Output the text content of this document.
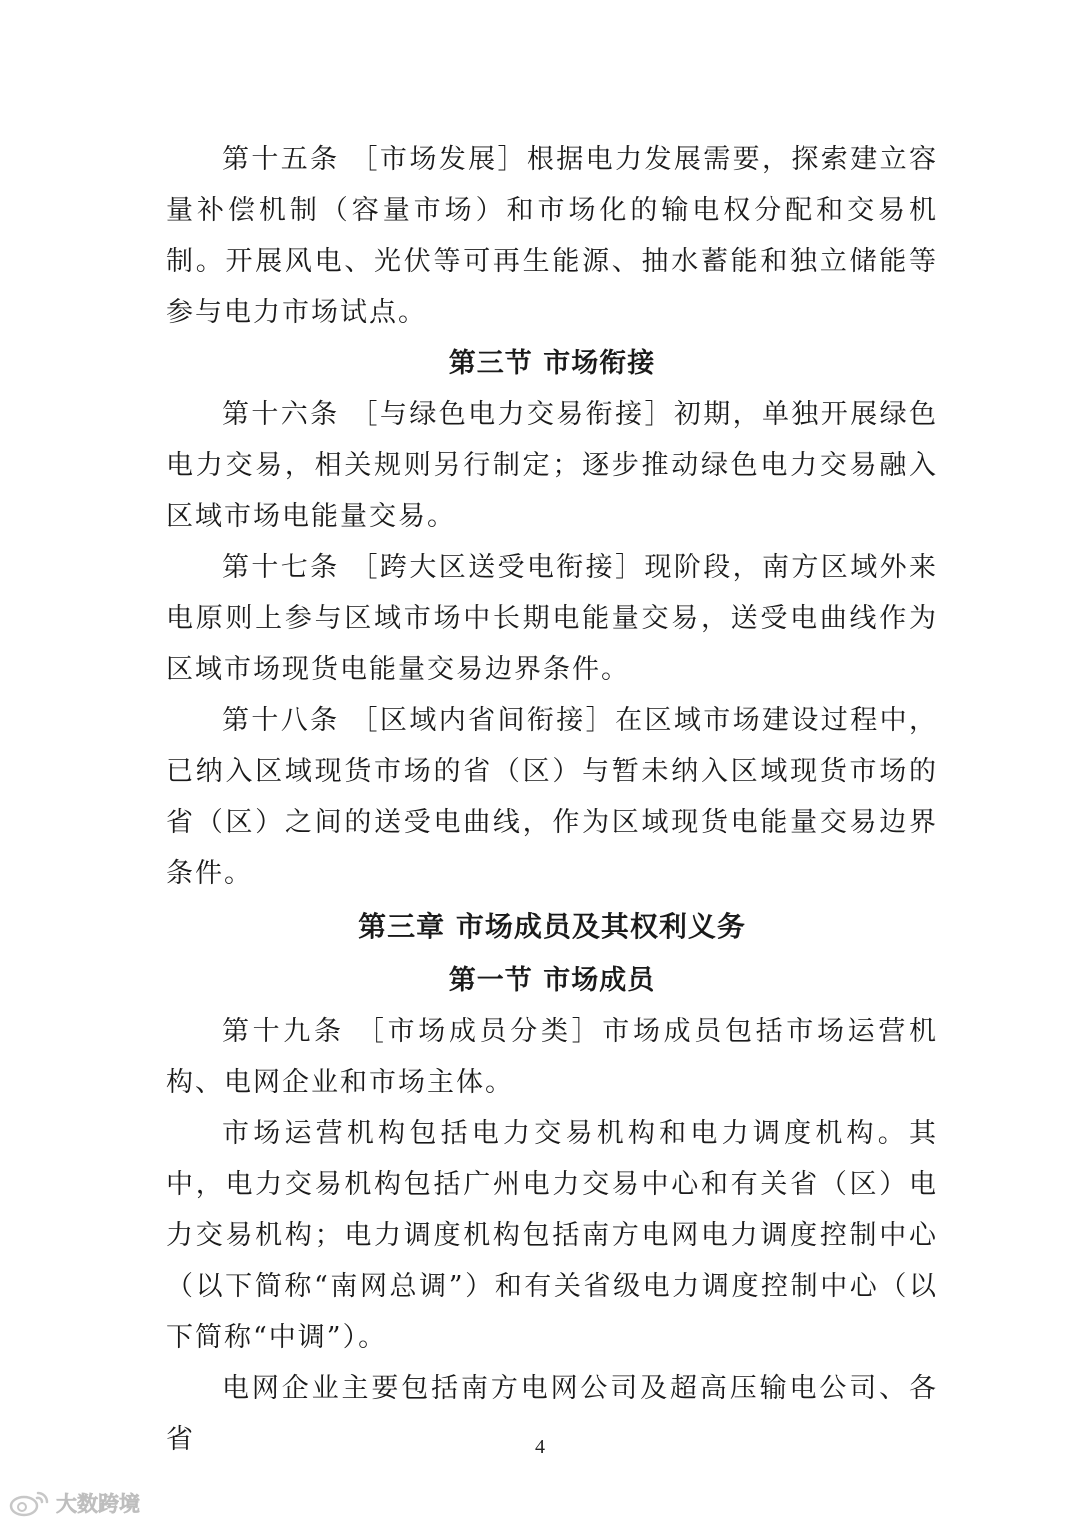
第十五条 ［市场发展］根据电力发展需要，探索建立容量补偿机制（容量市场）和市场化的输电权分配和交易机制。开展风电、光伏等可再生能源、抽水蓄能和独立储能等参与电力市场试点。

第三节 市场衔接

第十六条 ［与绿色电力交易衔接］初期，单独开展绿色电力交易，相关规则另行制定；逐步推动绿色电力交易融入区域市场电能量交易。

第十七条 ［跨大区送受电衔接］现阶段，南方区域外来电原则上参与区域市场中长期电能量交易，送受电曲线作为区域市场现货电能量交易边界条件。

第十八条 ［区域内省间衔接］在区域市场建设过程中，已纳入区域现货市场的省（区）与暂未纳入区域现货市场的省（区）之间的送受电曲线，作为区域现货电能量交易边界条件。

第三章 市场成员及其权利义务
第一节 市场成员

第十九条 ［市场成员分类］市场成员包括市场运营机构、电网企业和市场主体。

市场运营机构包括电力交易机构和电力调度机构。其中，电力交易机构包括广州电力交易中心和有关省（区）电力交易机构；电力调度机构包括南方电网电力调度控制中心（以下简称“南网总调”）和有关省级电力调度控制中心（以下简称“中调”）。

电网企业主要包括南方电网公司及超高压输电公司、各省	4
大数跨境
